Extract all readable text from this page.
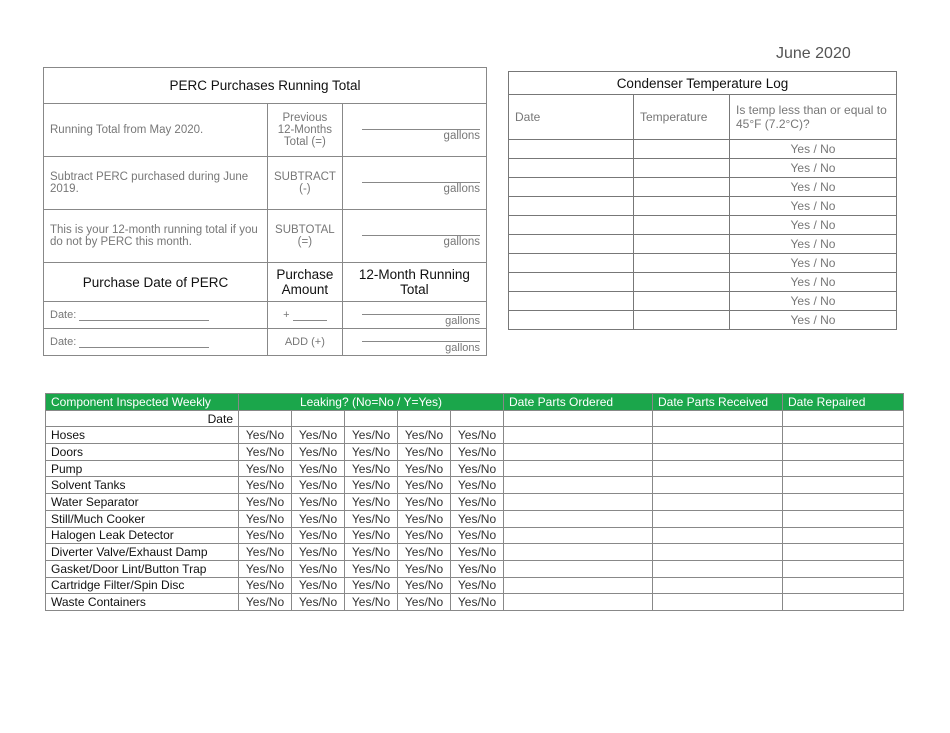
June 2020
PERC Purchases Running Total		
Running Total from May 2020.	Previous 12-Months Total (=)	gallons
Subtract PERC purchased during June 2019.	SUBTRACT (-)	gallons
This is your 12-month running total if you do not by PERC this month.	SUBTOTAL (=)	gallons
Purchase Date of PERC	Purchase Amount	12-Month Running Total
Date:	+	gallons
Date:	ADD (+)	gallons
Condenser Temperature Log		
Date	Temperature	Is temp less than or equal to 45°F (7.2°C)?
		Yes / No
		Yes / No
		Yes / No
		Yes / No
		Yes / No
		Yes / No
		Yes / No
		Yes / No
		Yes / No
		Yes / No
Component Inspected Weekly	Leaking? (No=No / Y=Yes)					Date Parts Ordered	Date Parts Received	Date Repaired
Date								
Hoses	Yes/No	Yes/No	Yes/No	Yes/No	Yes/No			
Doors	Yes/No	Yes/No	Yes/No	Yes/No	Yes/No			
Pump	Yes/No	Yes/No	Yes/No	Yes/No	Yes/No			
Solvent Tanks	Yes/No	Yes/No	Yes/No	Yes/No	Yes/No			
Water Separator	Yes/No	Yes/No	Yes/No	Yes/No	Yes/No			
Still/Much Cooker	Yes/No	Yes/No	Yes/No	Yes/No	Yes/No			
Halogen Leak Detector	Yes/No	Yes/No	Yes/No	Yes/No	Yes/No			
Diverter Valve/Exhaust Damp	Yes/No	Yes/No	Yes/No	Yes/No	Yes/No			
Gasket/Door Lint/Button Trap	Yes/No	Yes/No	Yes/No	Yes/No	Yes/No			
Cartridge Filter/Spin Disc	Yes/No	Yes/No	Yes/No	Yes/No	Yes/No			
Waste Containers	Yes/No	Yes/No	Yes/No	Yes/No	Yes/No			
